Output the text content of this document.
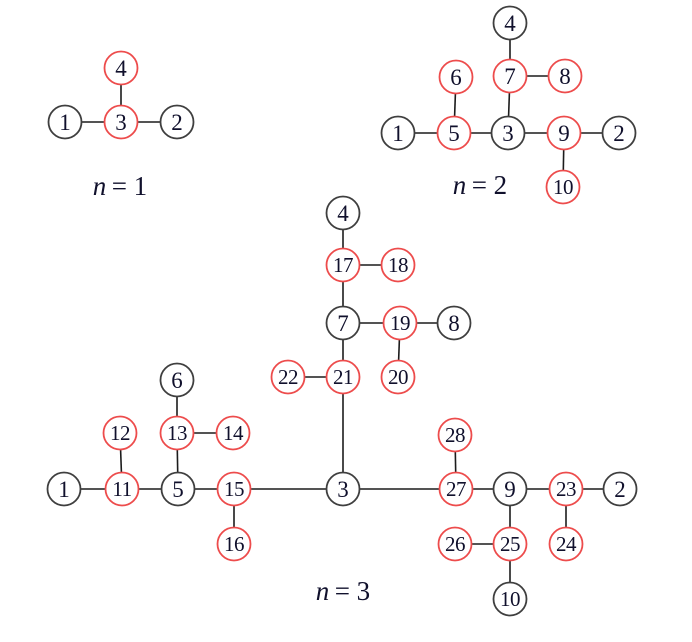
1	2
3
4
n = 1
1	2
3
4
5
6 7 8
9
10
n = 2
1	2
3
4
5
6
7	8
9
10
11
12 13 14
15
16
17 18
19
20
21
22
23
24
25
26
27
28
n = 3
